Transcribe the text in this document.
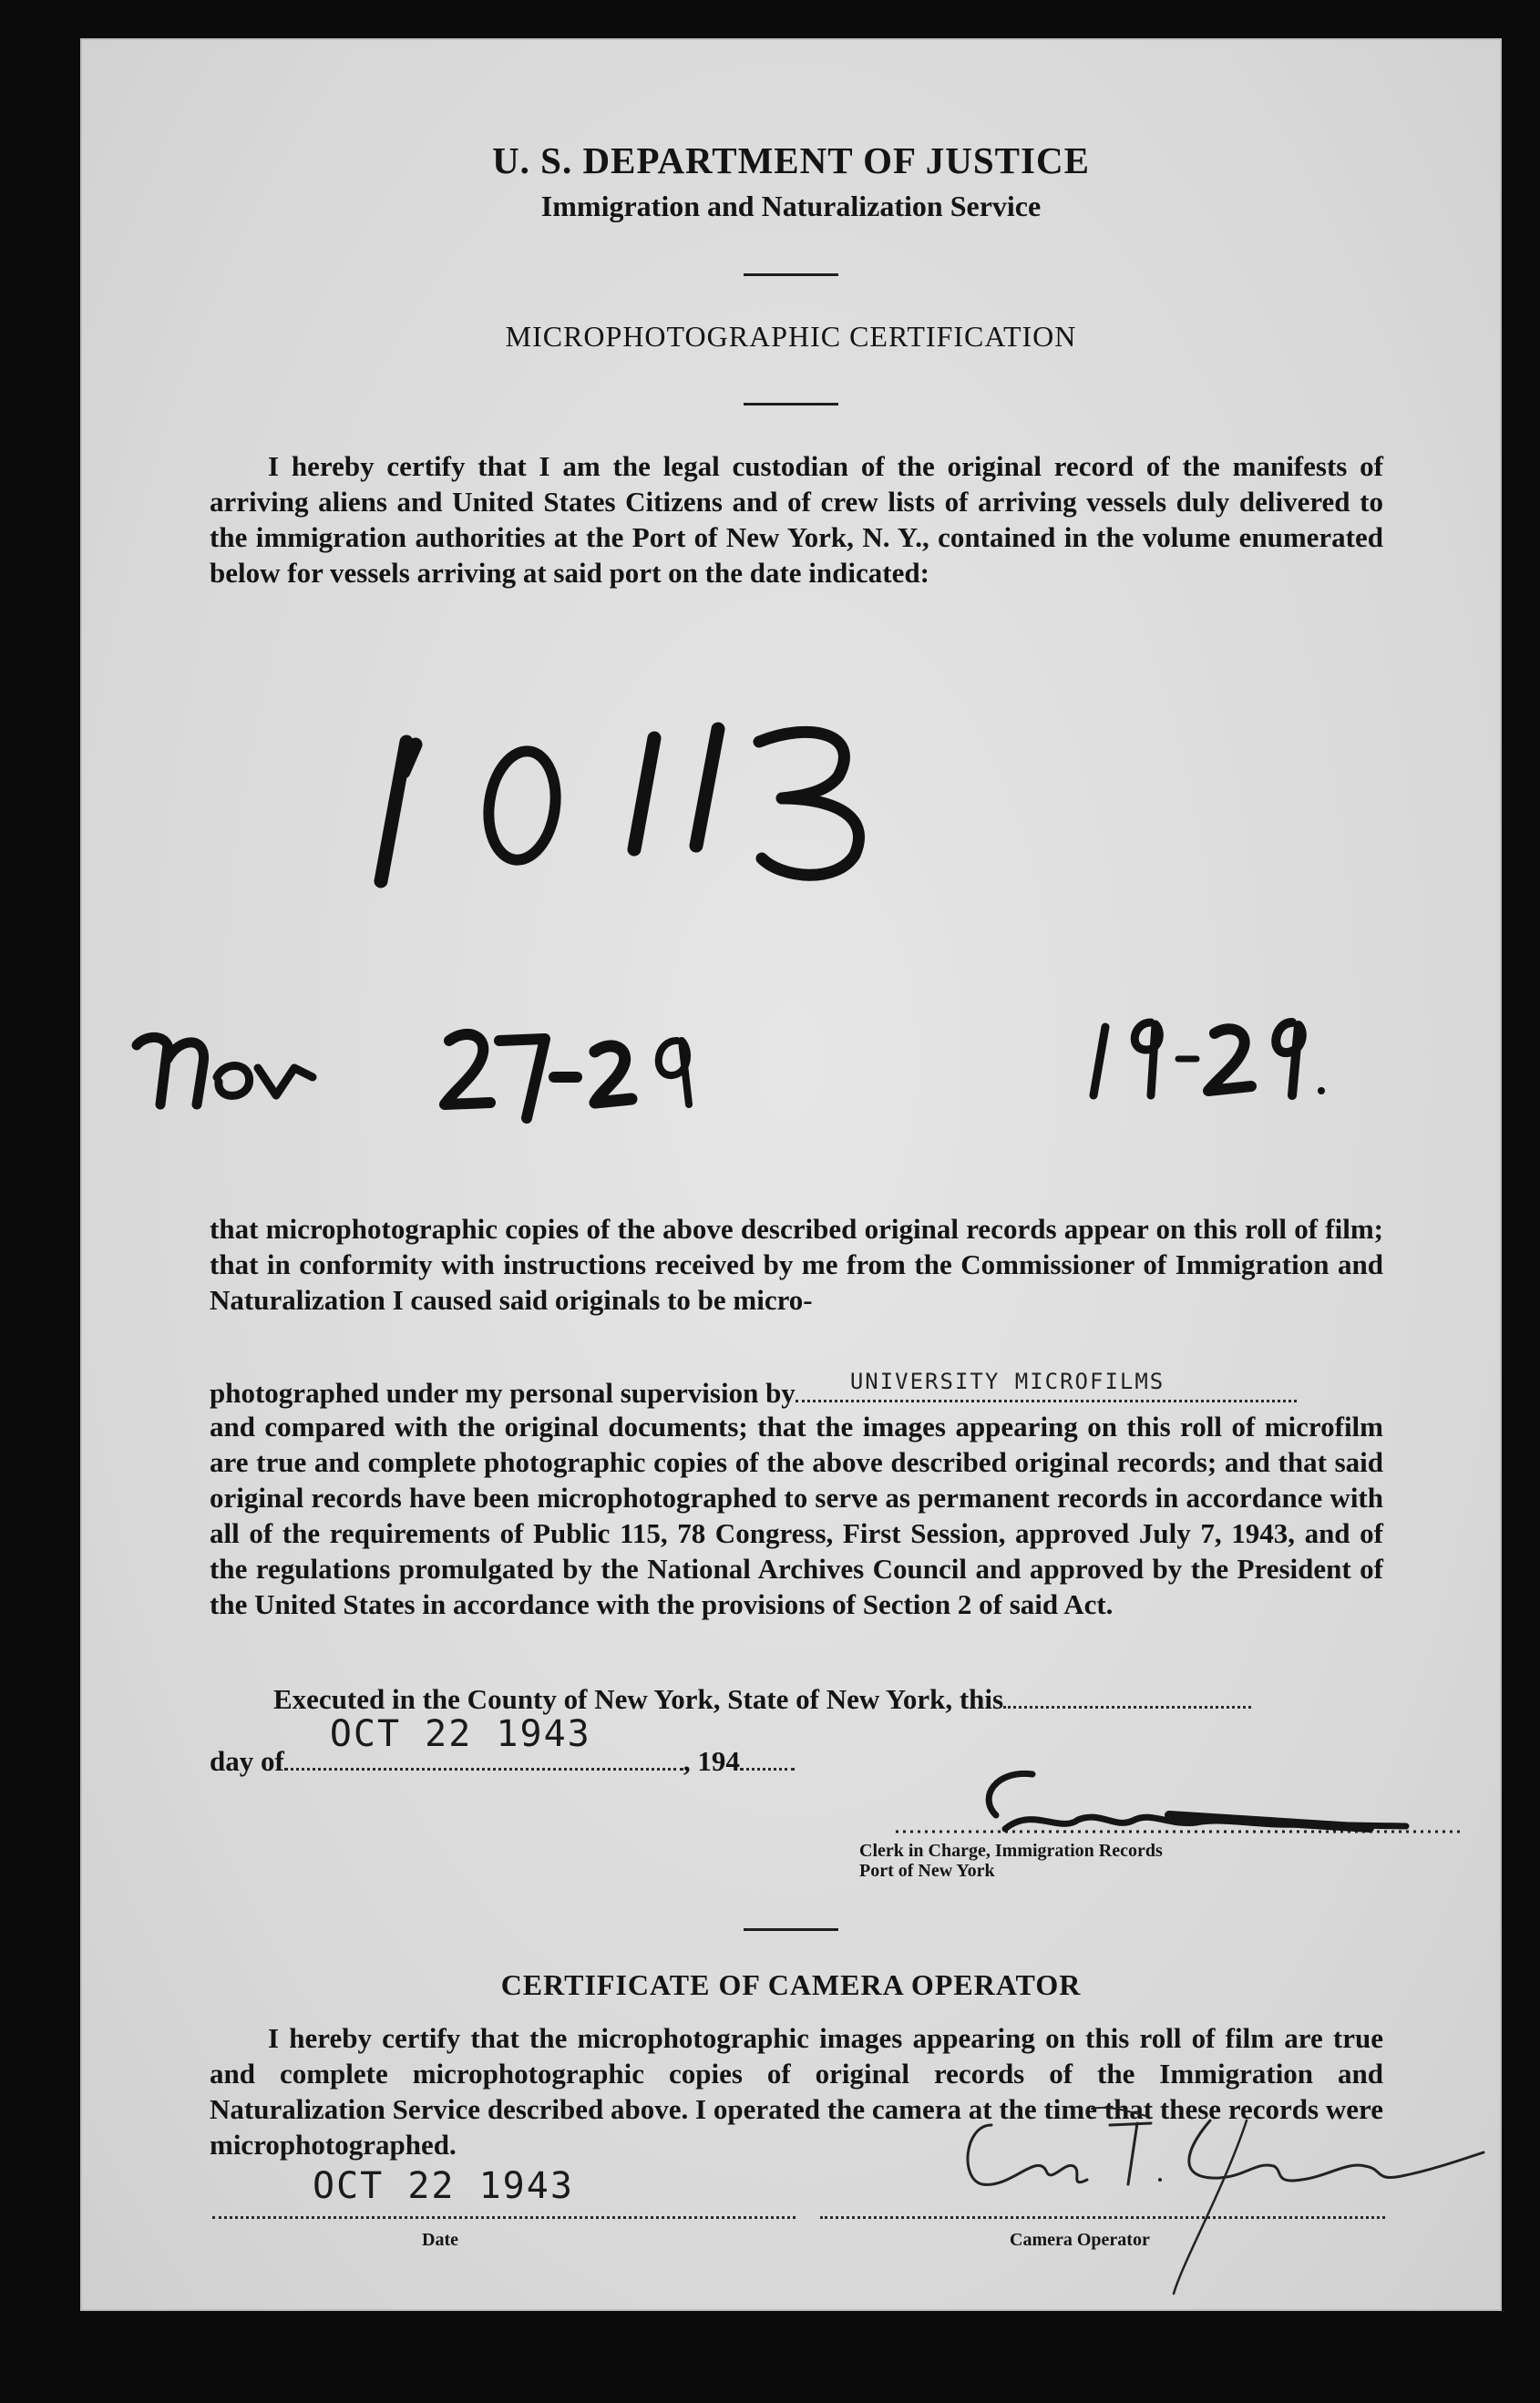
U. S. DEPARTMENT OF JUSTICE
Immigration and Naturalization Service
MICROPHOTOGRAPHIC CERTIFICATION
I hereby certify that I am the legal custodian of the original record of the manifests of arriving aliens and United States Citizens and of crew lists of arriving vessels duly delivered to the immigration authorities at the Port of New York, N. Y., contained in the volume enumerated below for vessels arriving at said port on the date indicated:
that microphotographic copies of the above described original records appear on this roll of film; that in conformity with instructions received by me from the Commissioner of Immigration and Naturalization I caused said originals to be micro-
photographed under my personal supervision by	UNIVERSITY MICROFILMS
and compared with the original documents; that the images appearing on this roll of microfilm are true and complete photographic copies of the above described original records; and that said original records have been microphotographed to serve as permanent records in accordance with all of the requirements of Public 115, 78 Congress, First Session, approved July 7, 1943, and of the regulations promulgated by the National Archives Council and approved by the President of the United States in accordance with the provisions of Section 2 of said Act.
Executed in the County of New York, State of New York, this
day of
OCT 22 1943
, 194
Clerk in Charge, Immigration Records
Port of New York
CERTIFICATE OF CAMERA OPERATOR
I hereby certify that the microphotographic images appearing on this roll of film are true and complete microphotographic copies of original records of the Immigration and Naturalization Service described above. I operated the camera at the time that these records were microphotographed.
OCT 22 1943
Date	Camera Operator
